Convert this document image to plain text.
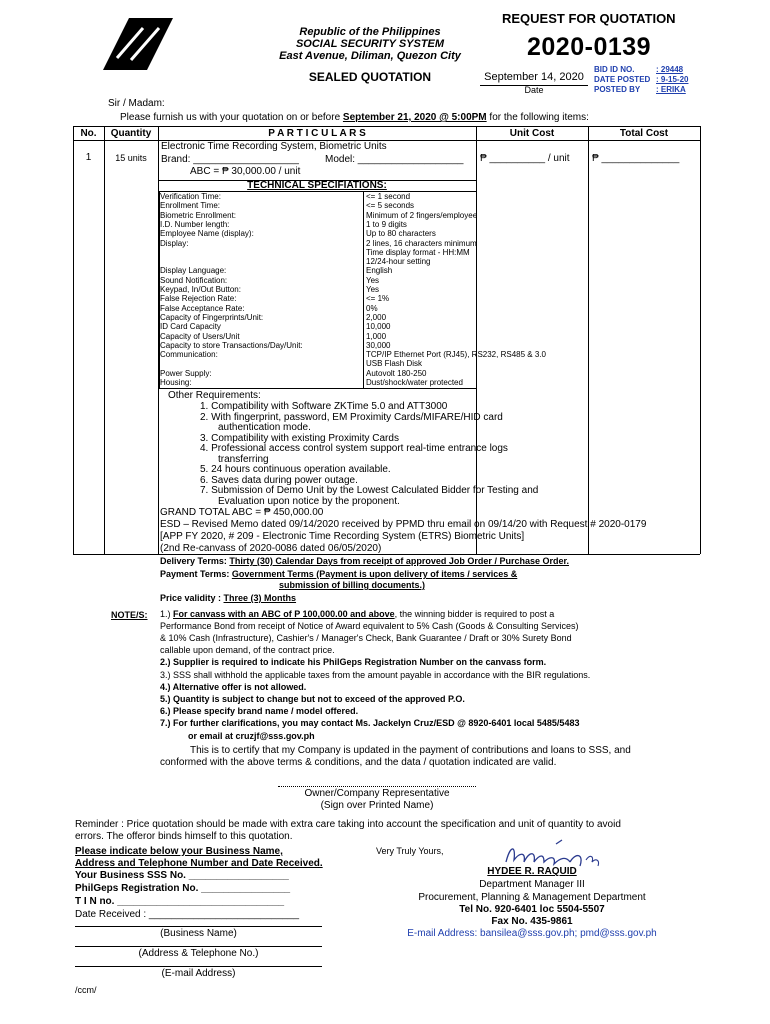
Republic of the Philippines
SOCIAL SECURITY SYSTEM
East Avenue, Diliman, Quezon City
SEALED QUOTATION
REQUEST FOR QUOTATION
2020-0139
September 14, 2020
Date
BID ID NO.	: 29448
DATE POSTED : 9-15-20
POSTED BY : ERIKA
Sir / Madam:
Please furnish us with your quotation on or before September 21, 2020 @ 5:00PM for the following items:
No.	Quantity	P A R T I C U L A R S	Unit Cost	Total Cost
1	15 units
Electronic Time Recording System, Biometric Units
Brand: ___________________	Model: ___________________
ABC = ₱ 30,000.00 / unit
₱ __________ / unit ₱ ______________
TECHNICAL SPECIFIATIONS:
Verification Time:	<= 1 second
Enrollment Time:	<= 5 seconds
Biometric Enrollment:	Minimum of 2 fingers/employee
I.D. Number length:	1 to 9 digits
Employee Name (display):	Up to 80 characters
Display:	2 lines, 16 characters minimum
Time display format - HH:MM
12/24-hour setting
Display Language:	English
Sound Notification:	Yes
Keypad, In/Out Button:	Yes
False Rejection Rate:	<= 1%
False Acceptance Rate:	0%
Capacity of Fingerprints/Unit:	2,000
ID Card Capacity	10,000
Capacity of Users/Unit	1,000
Capacity to store Transactions/Day/Unit:	30,000
Communication:	TCP/IP Ethernet Port (RJ45), RS232, RS485 & 3.0
USB Flash Disk
Power Supply:	Autovolt 180-250
Housing:	Dust/shock/water protected
Other Requirements:
1. Compatibility with Software ZKTime 5.0 and ATT3000
2. With fingerprint, password, EM Proximity Cards/MIFARE/HID card
authentication mode.
3. Compatibility with existing Proximity Cards
4. Professional access control system support real-time entrance logs
transferring
5. 24 hours continuous operation available.
6. Saves data during power outage.
7. Submission of Demo Unit by the Lowest Calculated Bidder for Testing and
Evaluation upon notice by the proponent.
GRAND TOTAL ABC = ₱ 450,000.00
ESD – Revised Memo dated 09/14/2020 received by PPMD thru email on 09/14/20 with Request # 2020-0179
[APP FY 2020, # 209 - Electronic Time Recording System (ETRS) Biometric Units]
(2nd Re-canvass of 2020-0086 dated 06/05/2020)
Delivery Terms: Thirty (30) Calendar Days from receipt of approved Job Order / Purchase Order.
Payment Terms: Government Terms (Payment is upon delivery of items / services &
submission of billing documents.)
Price validity : Three (3) Months
NOTE/S: 1.) For canvass with an ABC of P 100,000.00 and above, the winning bidder is required to post a
Performance Bond from receipt of Notice of Award equivalent to 5% Cash (Goods & Consulting Services)
& 10% Cash (Infrastructure), Cashier's / Manager's Check, Bank Guarantee / Draft or 30% Surety Bond
callable upon demand, of the contract price.
2.) Supplier is required to indicate his PhilGeps Registration Number on the canvass form.
3.) SSS shall withhold the applicable taxes from the amount payable in accordance with the BIR regulations.
4.) Alternative offer is not allowed.
5.) Quantity is subject to change but not to exceed of the approved P.O.
6.) Please specify brand name / model offered.
7.) For further clarifications, you may contact Ms. Jackelyn Cruz/ESD @ 8920-6401 local 5485/5483
or email at cruzjf@sss.gov.ph
This is to certify that my Company is updated in the payment of contributions and loans to SSS, and
conformed with the above terms & conditions, and the data / quotation indicated are valid.
Owner/Company Representative
(Sign over Printed Name)
Reminder : Price quotation should be made with extra care taking into account the specification and unit of quantity to avoid
errors. The offeror binds himself to this quotation.
Please indicate below your Business Name,
Address and Telephone Number and Date Received.
Your Business SSS No. __________________
PhilGeps Registration No. ________________
T I N no. ______________________________
Date Received : ___________________________
(Business Name)
(Address & Telephone No.)
(E-mail Address)
/ccm/
Very Truly Yours,
HYDEE R. RAQUID
Department Manager III
Procurement, Planning & Management Department
Tel No. 920-6401 loc 5504-5507
Fax No. 435-9861
E-mail Address: bansilea@sss.gov.ph; pmd@sss.gov.ph
